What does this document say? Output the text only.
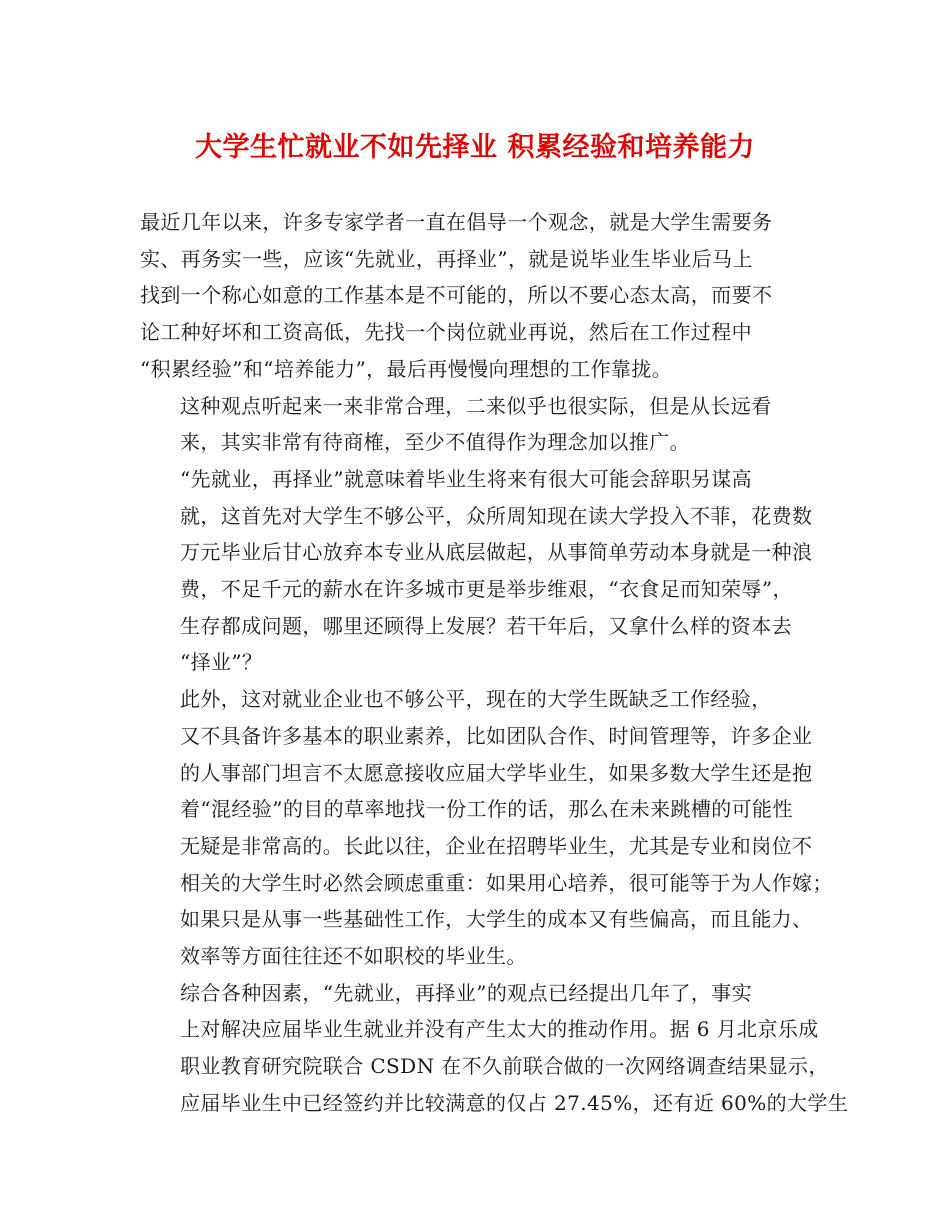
大学生忙就业不如先择业 积累经验和培养能力

最近几年以来，许多专家学者一直在倡导一个观念，就是大学生需要务
实、再务实一些，应该“先就业，再择业”，就是说毕业生毕业后马上
找到一个称心如意的工作基本是不可能的，所以不要心态太高，而要不
论工种好坏和工资高低，先找一个岗位就业再说，然后在工作过程中
“积累经验”和“培养能力”，最后再慢慢向理想的工作靠拢。

这种观点听起来一来非常合理，二来似乎也很实际，但是从长远看
来，其实非常有待商榷，至少不值得作为理念加以推广。

“先就业，再择业”就意味着毕业生将来有很大可能会辞职另谋高
就，这首先对大学生不够公平，众所周知现在读大学投入不菲，花费数
万元毕业后甘心放弃本专业从底层做起，从事简单劳动本身就是一种浪
费，不足千元的薪水在许多城市更是举步维艰，“衣食足而知荣辱”，
生存都成问题，哪里还顾得上发展？若干年后，又拿什么样的资本去
“择业”？

此外，这对就业企业也不够公平，现在的大学生既缺乏工作经验，
又不具备许多基本的职业素养，比如团队合作、时间管理等，许多企业
的人事部门坦言不太愿意接收应届大学毕业生，如果多数大学生还是抱
着“混经验”的目的草率地找一份工作的话，那么在未来跳槽的可能性
无疑是非常高的。长此以往，企业在招聘毕业生，尤其是专业和岗位不
相关的大学生时必然会顾虑重重：如果用心培养，很可能等于为人作嫁；
如果只是从事一些基础性工作，大学生的成本又有些偏高，而且能力、
效率等方面往往还不如职校的毕业生。

综合各种因素，“先就业，再择业”的观点已经提出几年了，事实
上对解决应届毕业生就业并没有产生太大的推动作用。据 6 月北京乐成
职业教育研究院联合 CSDN 在不久前联合做的一次网络调查结果显示，
应届毕业生中已经签约并比较满意的仅占 27.45%，还有近 60%的大学生
